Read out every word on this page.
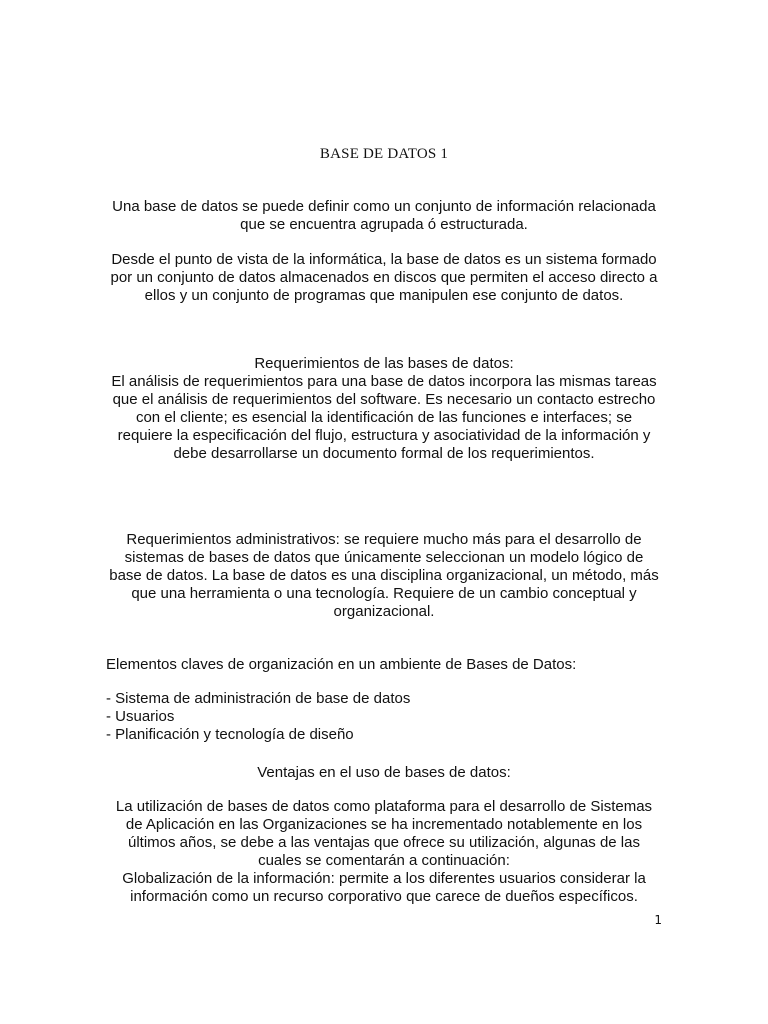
BASE DE DATOS 1
Una base de datos se puede definir como un conjunto de información relacionada
que se encuentra agrupada ó estructurada.
Desde el punto de vista de la informática, la base de datos es un sistema formado
por un conjunto de datos almacenados en discos que permiten el acceso directo a
ellos y un conjunto de programas que manipulen ese conjunto de datos.
Requerimientos de las bases de datos:
El análisis de requerimientos para una base de datos incorpora las mismas tareas
que el análisis de requerimientos del software. Es necesario un contacto estrecho
con el cliente; es esencial la identificación de las funciones e interfaces; se
requiere la especificación del flujo, estructura y asociatividad de la información y
debe desarrollarse un documento formal de los requerimientos.
Requerimientos administrativos: se requiere mucho más para el desarrollo de
sistemas de bases de datos que únicamente seleccionan un modelo lógico de
base de datos. La base de datos es una disciplina organizacional, un método, más
que una herramienta o una tecnología. Requiere de un cambio conceptual y
organizacional.
Elementos claves de organización en un ambiente de Bases de Datos:
- Sistema de administración de base de datos
- Usuarios
- Planificación y tecnología de diseño
Ventajas en el uso de bases de datos:
La utilización de bases de datos como plataforma para el desarrollo de Sistemas
de Aplicación en las Organizaciones se ha incrementado notablemente en los
últimos años, se debe a las ventajas que ofrece su utilización, algunas de las
cuales se comentarán a continuación:
Globalización de la información: permite a los diferentes usuarios considerar la
información como un recurso corporativo que carece de dueños específicos.
1
